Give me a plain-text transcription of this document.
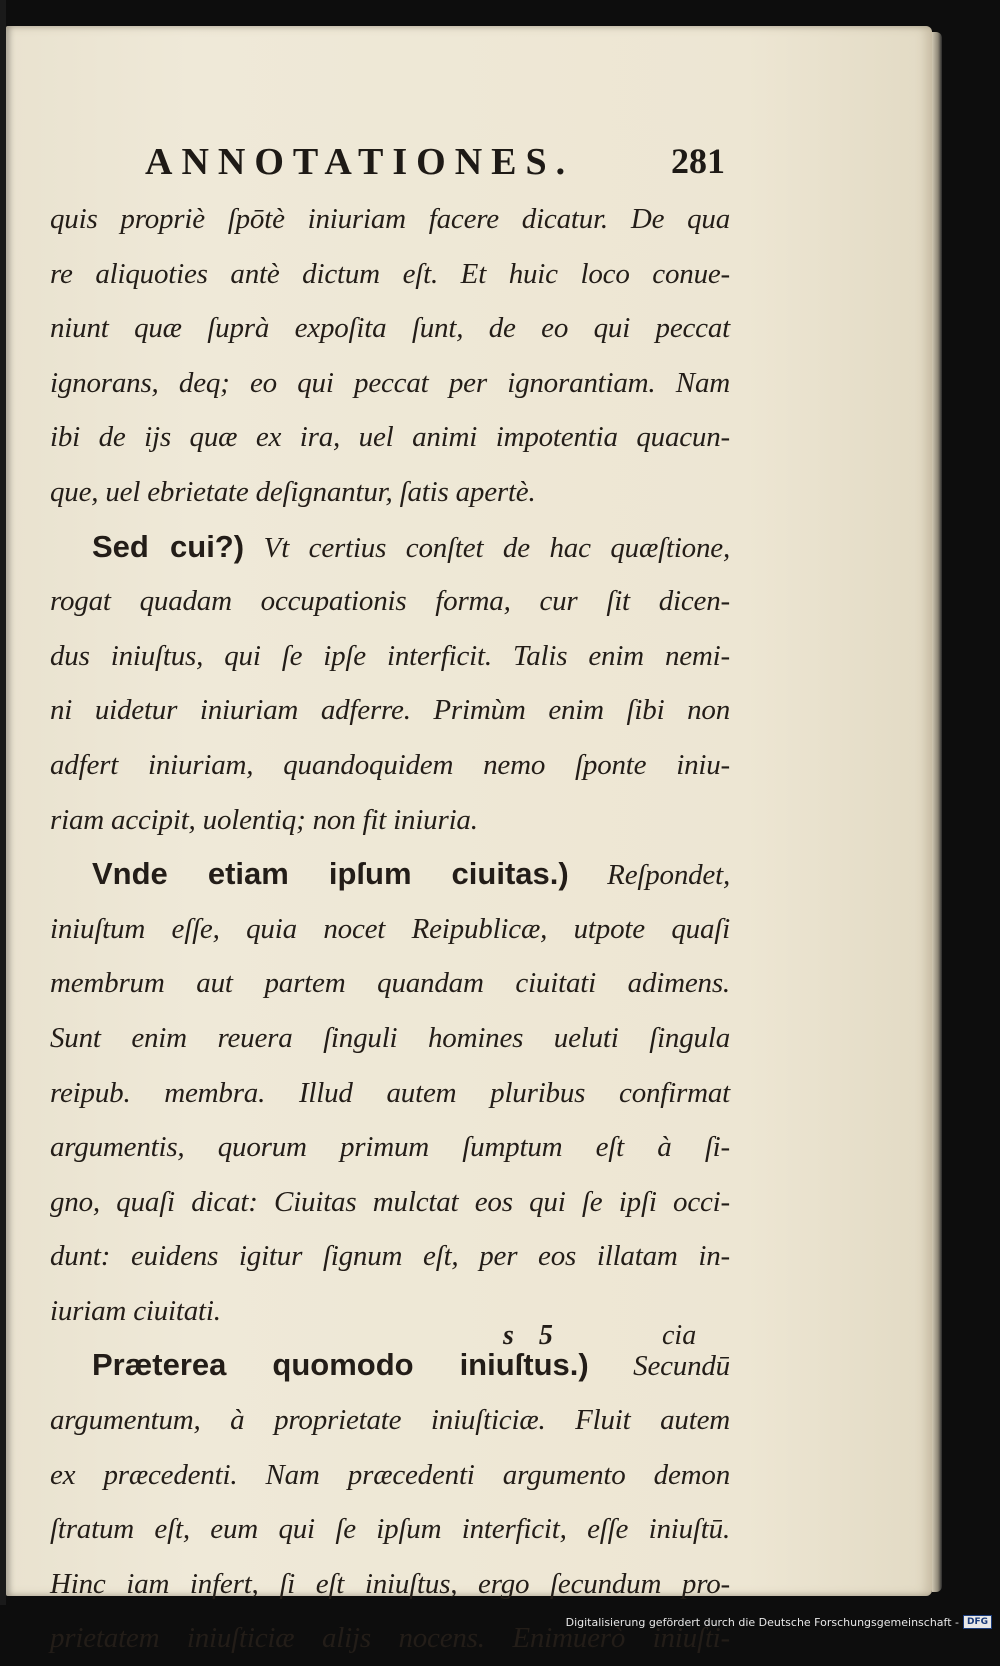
ANNOTATIONES.	281
quis propriè ſpōtè iniuriam facere dicatur. De qua
re aliquoties antè dictum eſt. Et huic loco conue-
niunt quæ ſuprà expoſita ſunt, de eo qui peccat
ignorans, deq; eo qui peccat per ignorantiam. Nam
ibi de ijs quæ ex ira, uel animi impotentia quacun-
que, uel ebrietate deſignantur, ſatis apertè.
Sed cui?) Vt certius conſtet de hac quæſtione,
rogat quadam occupationis forma, cur ſit dicen-
dus iniuſtus, qui ſe ipſe interficit. Talis enim nemi-
ni uidetur iniuriam adferre. Primùm enim ſibi non
adfert iniuriam, quandoquidem nemo ſponte iniu-
riam accipit, uolentiq; non fit iniuria.
Vnde etiam ipſum ciuitas.) Reſpondet,
iniuſtum eſſe, quia nocet Reipublicæ, utpote quaſi
membrum aut partem quandam ciuitati adimens.
Sunt enim reuera ſinguli homines ueluti ſingula
reipub. membra. Illud autem pluribus confirmat
argumentis, quorum primum ſumptum eſt à ſi-
gno, quaſi dicat: Ciuitas mulctat eos qui ſe ipſi occi-
dunt: euidens igitur ſignum eſt, per eos illatam in-
iuriam ciuitati.
Præterea quomodo iniuſtus.) Secundū
argumentum, à proprietate iniuſticiæ. Fluit autem
ex præcedenti. Nam præcedenti argumento demon
ſtratum eſt, eum qui ſe ipſum interficit, eſſe iniuſtū.
Hinc iam infert, ſi eſt iniuſtus, ergo ſecundum pro-
prietatem iniuſticiæ alijs nocens. Enimuerò iniuſti-
s 5	cia
Digitalisierung gefördert durch die Deutsche Forschungsgemeinschaft - DFG
